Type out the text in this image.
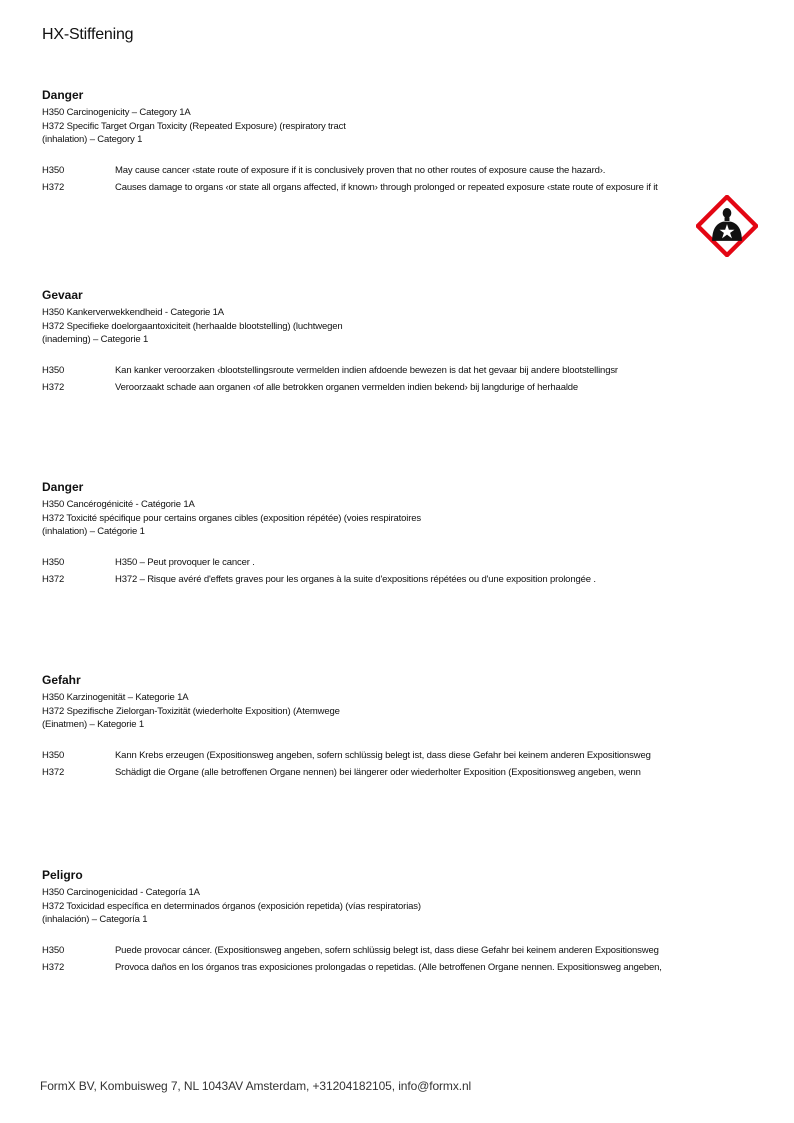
HX-Stiffening
Danger
H350 Carcinogenicity – Category 1A
H372 Specific Target Organ Toxicity (Repeated Exposure) (respiratory tract
(inhalation) – Category 1
H350	May cause cancer ‹state route of exposure if it is conclusively proven that no other routes of exposure cause the hazard›.
H372	Causes damage to organs ‹or state all organs affected, if known› through prolonged or repeated exposure ‹state route of exposure if it
Gevaar
H350 Kankerverwekkendheid - Categorie 1A
H372 Specifieke doelorgaantoxiciteit (herhaalde blootstelling) (luchtwegen
(inademing) – Categorie 1
H350	Kan kanker veroorzaken ‹blootstellingsroute vermelden indien afdoende bewezen is dat het gevaar bij andere blootstellingsr
H372	Veroorzaakt schade aan organen ‹of alle betrokken organen vermelden indien bekend› bij langdurige of herhaalde
Danger
H350 Cancérogénicité - Catégorie 1A
H372 Toxicité spécifique pour certains organes cibles (exposition répétée) (voies respiratoires
(inhalation) – Catégorie 1
H350	H350 – Peut provoquer le cancer .
H372	H372 – Risque avéré d'effets graves pour les organes à la suite d'expositions répétées ou d'une exposition prolongée .
Gefahr
H350 Karzinogenität – Kategorie 1A
H372 Spezifische Zielorgan-Toxizität (wiederholte Exposition) (Atemwege
(Einatmen) – Kategorie 1
H350	Kann Krebs erzeugen (Expositionsweg angeben, sofern schlüssig belegt ist, dass diese Gefahr bei keinem anderen Expositionsweg
H372	Schädigt die Organe (alle betroffenen Organe nennen) bei längerer oder wiederholter Exposition (Expositionsweg angeben, wenn
Peligro
H350 Carcinogenicidad - Categoría 1A
H372 Toxicidad específica en determinados órganos (exposición repetida) (vías respiratorias)
(inhalación) – Categoría 1
H350	Puede provocar cáncer. (Expositionsweg angeben, sofern schlüssig belegt ist, dass diese Gefahr bei keinem anderen Expositionsweg
H372	Provoca daños en los órganos tras exposiciones prolongadas o repetidas. (Alle betroffenen Organe nennen. Expositionsweg angeben,
FormX BV, Kombuisweg 7, NL 1043AV Amsterdam, +31204182105, info@formx.nl
